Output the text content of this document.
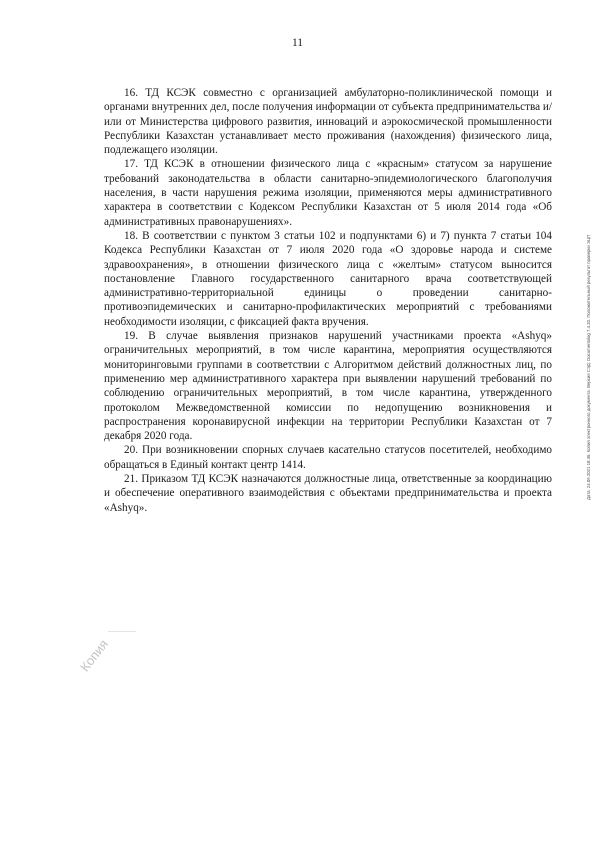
11

16. ТД КСЭК совместно с организацией амбулаторно-поликлинической помощи и органами внутренних дел, после получения информации от субъекта предпринимательства и/или от Министерства цифрового развития, инноваций и аэрокосмической промышленности Республики Казахстан устанавливает место проживания (нахождения) физического лица, подлежащего изоляции.

17. ТД КСЭК в отношении физического лица с «красным» статусом за нарушение требований законодательства в области санитарно-эпидемиологического благополучия населения, в части нарушения режима изоляции, применяются меры административного характера в соответствии с Кодексом Республики Казахстан от 5 июля 2014 года «Об административных правонарушениях».

18. В соответствии с пунктом 3 статьи 102 и подпунктами 6) и 7) пункта 7 статьи 104 Кодекса Республики Казахстан от 7 июля 2020 года «О здоровье народа и системе здравоохранения», в отношении физического лица с «желтым» статусом выносится постановление Главного государственного санитарного врача соответствующей административно-территориальной единицы о проведении санитарно-противоэпидемических и санитарно-профилактических мероприятий с требованиями необходимости изоляции, с фиксацией факта вручения.

19. В случае выявления признаков нарушений участниками проекта «Ashyq» ограничительных мероприятий, в том числе карантина, мероприятия осуществляются мониторинговыми группами в соответствии с Алгоритмом действий должностных лиц, по применению мер административного характера при выявлении нарушений требований по соблюдению ограничительных мероприятий, в том числе карантина, утвержденного протоколом Межведомственной комиссии по недопущению возникновения и распространения коронавирусной инфекции на территории Республики Казахстан от 7 декабря 2020 года.

20. При возникновении спорных случаев касательно статусов посетителей, необходимо обращаться в Единый контакт центр 1414.

21. Приказом ТД КСЭК назначаются должностные лица, ответственные за координацию и обеспечение оперативного взаимодействия с объектами предпринимательства и проекта «Ashyq».

Копия
Дата: 24.09.2021 18:46. Копия электронного документа. Версия СЭД: Documentolog 7.4.20. Положительный результат проверки ЭЦП
